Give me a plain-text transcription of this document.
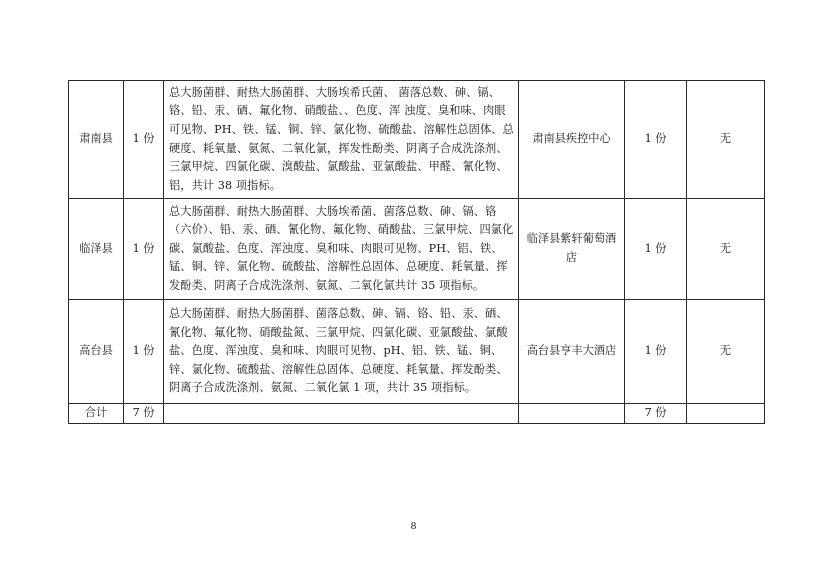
肃南县	1 份	总大肠菌群、耐热大肠菌群、大肠埃希氏菌、 菌落总数、砷、镉、铬、铅、汞、硒、氟化物、硝酸盐、、色度、浑 浊度、臭和味、肉眼可见物、PH、铁、锰、铜、锌、氯化物、硫酸盐、溶解性总固体、总硬度、耗氧量、氨氮、二氧化氯，挥发性酚类、阴离子合成洗涤剂、三氯甲烷、四氯化碳、溴酸盐、氯酸盐、亚氯酸盐、甲醛、氰化物、铝，共计 38 项指标。	肃南县疾控中心	1 份	无
临泽县	1 份	总大肠菌群、耐热大肠菌群、大肠埃希菌、菌落总数、砷、镉、铬（六价）、铅、汞、硒、氰化物、氟化物、硝酸盐、三氯甲烷、四氯化碳、氯酸盐、色度、浑浊度、臭和味、肉眼可见物、PH、铝、铁、锰、铜、锌、氯化物、硫酸盐、溶解性总固体、总硬度、耗氧量、挥发酚类、阴离子合成洗涤剂、氨氮、二氧化氯共计 35 项指标。	临泽县紫轩葡萄酒店	1 份	无
高台县	1 份	总大肠菌群、耐热大肠菌群、菌落总数、砷、镉、铬、铅、汞、硒、氰化物、氟化物、硝酸盐氮、三氯甲烷、四氯化碳、亚氯酸盐、氯酸盐、色度、浑浊度、臭和味、肉眼可见物、pH、铝、铁、锰、铜、锌、氯化物、硫酸盐、溶解性总固体、总硬度、耗氧量、挥发酚类、阴离子合成洗涤剂、氨氮、二氧化氯 1 项，共计 35 项指标。	高台县亨丰大酒店	1 份	无
合计	7 份			7 份	
8
